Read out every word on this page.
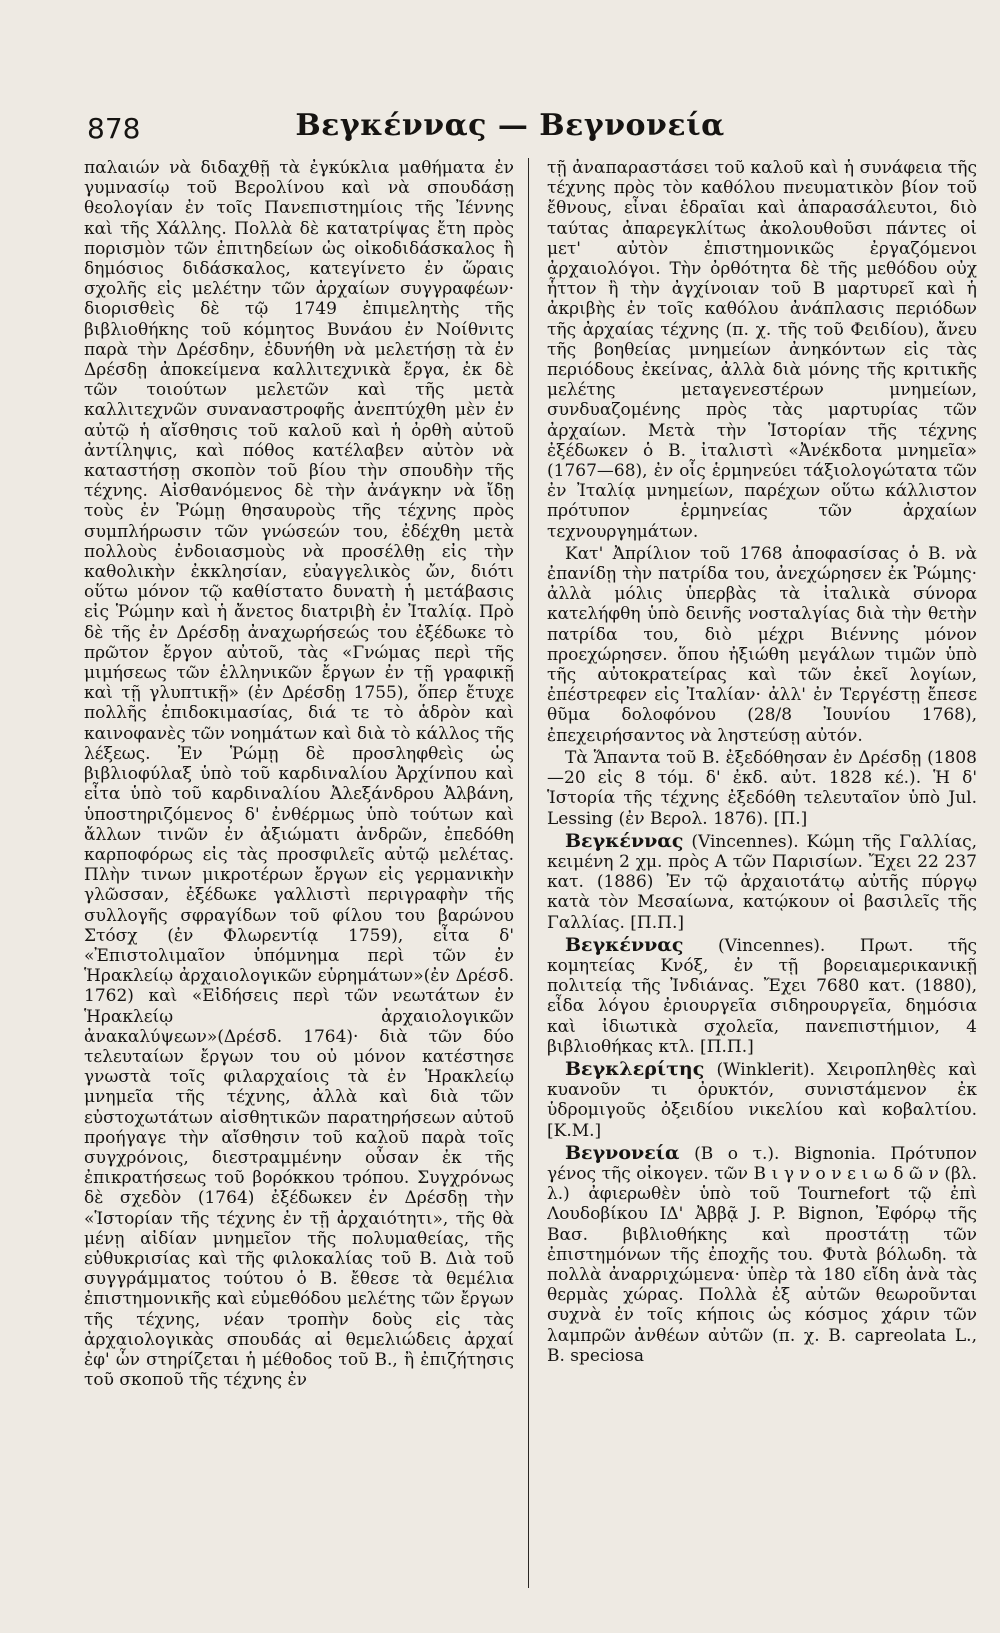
878	Βεγκέννας — Βεγνονεία

παλαιών νὰ διδαχθῇ τὰ ἐγκύκλια μαθήματα ἐν γυμνασίῳ τοῦ Βερολίνου καὶ νὰ σπουδάσῃ θεολογίαν ἐν τοῖς Πανεπιστημίοις τῆς Ἰέννης καὶ τῆς Χάλλης. Πολλὰ δὲ κατατρίψας ἔτη πρὸς πορισμὸν τῶν ἐπιτηδείων ὡς οἰκοδιδάσκαλος ἢ δημόσιος διδάσκαλος, κατεγίνετο ἐν ὥραις σχολῆς εἰς μελέτην τῶν ἀρχαίων συγγραφέων· διορισθεὶς δὲ τῷ 1749 ἐπιμελητὴς τῆς βιβλιοθήκης τοῦ κόμητος Βυνάου ἐν Νοίθνιτς παρὰ τὴν Δρέσδην, ἐδυνήθη νὰ μελετήσῃ τὰ ἐν Δρέσδῃ ἀποκείμενα καλλιτεχνικὰ ἔργα, ἐκ δὲ τῶν τοιούτων μελετῶν καὶ τῆς μετὰ καλλιτεχνῶν συναναστροφῆς ἀνεπτύχθη μὲν ἐν αὐτῷ ἡ αἴσθησις τοῦ καλοῦ καὶ ἡ ὀρθὴ αὐτοῦ ἀντίληψις, καὶ πόθος κατέλαβεν αὐτὸν νὰ καταστήσῃ σκοπὸν τοῦ βίου τὴν σπουδὴν τῆς τέχνης. Αἰσθανόμενος δὲ τὴν ἀνάγκην νὰ ἴδῃ τοὺς ἐν Ῥώμῃ θησαυροὺς τῆς τέχνης πρὸς συμπλήρωσιν τῶν γνώσεών του, ἐδέχθη μετὰ πολλοὺς ἐνδοιασμοὺς νὰ προσέλθῃ εἰς τὴν καθολικὴν ἐκκλησίαν, εὐαγγελικὸς ὤν, διότι οὕτω μόνον τῷ καθίστατο δυνατὴ ἡ μετάβασις εἰς Ῥώμην καὶ ἡ ἄνετος διατριβὴ ἐν Ἰταλίᾳ. Πρὸ δὲ τῆς ἐν Δρέσδῃ ἀναχωρήσεώς του ἐξέδωκε τὸ πρῶτον ἔργον αὐτοῦ, τὰς «Γνώμας περὶ τῆς μιμήσεως τῶν ἑλληνικῶν ἔργων ἐν τῇ γραφικῇ καὶ τῇ γλυπτικῇ» (ἐν Δρέσδῃ 1755), ὅπερ ἔτυχε πολλῆς ἐπιδοκιμασίας, διά τε τὸ ἁδρὸν καὶ καινοφανὲς τῶν νοημάτων καὶ διὰ τὸ κάλλος τῆς λέξεως. Ἐν Ῥώμῃ δὲ προσληφθεὶς ὡς βιβλιοφύλαξ ὑπὸ τοῦ καρδιναλίου Ἀρχίνπου καὶ εἶτα ὑπὸ τοῦ καρδιναλίου Ἀλεξάνδρου Ἀλβάνη, ὑποστηριζόμενος δ' ἐνθέρμως ὑπὸ τούτων καὶ ἄλλων τινῶν ἐν ἀξιώματι ἀνδρῶν, ἐπεδόθη καρποφόρως εἰς τὰς προσφιλεῖς αὐτῷ μελέτας. Πλὴν τινων μικροτέρων ἔργων εἰς γερμανικὴν γλῶσσαν, ἐξέδωκε γαλλιστὶ περιγραφὴν τῆς συλλογῆς σφραγίδων τοῦ φίλου του βαρώνου Στόσχ (ἐν Φλωρεντίᾳ 1759), εἶτα δ' «Ἐπιστολιμαῖον ὑπόμνημα περὶ τῶν ἐν Ἡρακλείῳ ἀρχαιολογικῶν εὑρημάτων»(ἐν Δρέσδ. 1762) καὶ «Εἰδήσεις περὶ τῶν νεωτάτων ἐν Ἡρακλείῳ ἀρχαιολογικῶν ἀνακαλύψεων»(Δρέσδ. 1764)· διὰ τῶν δύο τελευταίων ἔργων του οὐ μόνον κατέστησε γνωστὰ τοῖς φιλαρχαίοις τὰ ἐν Ἡρακλείῳ μνημεῖα τῆς τέχνης, ἀλλὰ καὶ διὰ τῶν εὐστοχωτάτων αἰσθητικῶν παρατηρήσεων αὐτοῦ προήγαγε τὴν αἴσθησιν τοῦ καλοῦ παρὰ τοῖς συγχρόνοις, διεστραμμένην οὖσαν ἐκ τῆς ἐπικρατήσεως τοῦ βορόκκου τρόπου. Συγχρόνως δὲ σχεδὸν (1764) ἐξέδωκεν ἐν Δρέσδῃ τὴν «Ἱστορίαν τῆς τέχνης ἐν τῇ ἀρχαιότητι», τῆς θὰ μένῃ αἰδίαν μνημεῖον τῆς πολυμαθείας, τῆς εὐθυκρισίας καὶ τῆς φιλοκαλίας τοῦ Β. Διὰ τοῦ συγγράμματος τούτου ὁ Β. ἔθεσε τὰ θεμέλια ἐπιστημονικῆς καὶ εὐμεθόδου μελέτης τῶν ἔργων τῆς τέχνης, νέαν τροπὴν δοὺς εἰς τὰς ἀρχαιολογικὰς σπουδάς αἱ θεμελιώδεις ἀρχαί ἐφ' ὧν στηρίζεται ἡ μέθοδος τοῦ Β., ἢ ἐπιζήτησις τοῦ σκοποῦ τῆς τέχνης ἐν

τῇ ἀναπαραστάσει τοῦ καλοῦ καὶ ἡ συνάφεια τῆς τέχνης πρὸς τὸν καθόλου πνευματικὸν βίον τοῦ ἔθνους, εἶναι ἑδραῖαι καὶ ἀπαρασάλευτοι, διὸ ταύτας ἀπαρεγκλίτως ἀκολουθοῦσι πάντες οἱ μετ' αὐτὸν ἐπιστημονικῶς ἐργαζόμενοι ἀρχαιολόγοι. Τὴν ὀρθότητα δὲ τῆς μεθόδου οὐχ ἧττον ἢ τὴν ἀγχίνοιαν τοῦ Β μαρτυρεῖ καὶ ἡ ἀκριβὴς ἐν τοῖς καθόλου ἀνάπλασις περιόδων τῆς ἀρχαίας τέχνης (π. χ. τῆς τοῦ Φειδίου), ἄνευ τῆς βοηθείας μνημείων ἀνηκόντων εἰς τὰς περιόδους ἐκείνας, ἀλλὰ διὰ μόνης τῆς κριτικῆς μελέτης μεταγενεστέρων μνημείων, συνδυαζομένης πρὸς τὰς μαρτυρίας τῶν ἀρχαίων. Μετὰ τὴν Ἱστορίαν τῆς τέχνης ἐξέδωκεν ὁ Β. ἰταλιστὶ «Ἀνέκδοτα μνημεῖα» (1767—68), ἐν οἷς ἑρμηνεύει τάξιολογώτατα τῶν ἐν Ἰταλίᾳ μνημείων, παρέχων οὕτω κάλλιστον πρότυπον ἑρμηνείας τῶν ἀρχαίων τεχνουργημάτων.

Κατ' Ἀπρίλιον τοῦ 1768 ἀποφασίσας ὁ Β. νὰ ἐπανίδῃ τὴν πατρίδα του, ἀνεχώρησεν ἐκ Ῥώμης· ἀλλὰ μόλις ὑπερβὰς τὰ ἰταλικὰ σύνορα κατελήφθη ὑπὸ δεινῆς νοσταλγίας διὰ τὴν θετὴν πατρίδα του, διὸ μέχρι Βιέννης μόνον προεχώρησεν. ὅπου ἠξιώθη μεγάλων τιμῶν ὑπὸ τῆς αὐτοκρατείρας καὶ τῶν ἐκεῖ λογίων, ἐπέστρεφεν εἰς Ἰταλίαν· ἀλλ' ἐν Τεργέστῃ ἔπεσε θῦμα δολοφόνου (28/8 Ἰουνίου 1768), ἐπεχειρήσαντος νὰ ληστεύσῃ αὐτόν.

Τὰ Ἅπαντα τοῦ Β. ἐξεδόθησαν ἐν Δρέσδῃ (1808—20 εἰς 8 τόμ. δ' ἐκδ. αὐτ. 1828 κέ.). Ἡ δ' Ἱστορία τῆς τέχνης ἐξεδόθη τελευταῖον ὑπὸ Jul. Lessing (ἐν Βερολ. 1876). [Π.]

Βεγκέννας (Vincennes). Κώμη τῆς Γαλλίας, κειμένη 2 χμ. πρὸς Α τῶν Παρισίων. Ἔχει 22 237 κατ. (1886) Ἐν τῷ ἀρχαιοτάτῳ αὐτῆς πύργῳ κατὰ τὸν Μεσαίωνα, κατῴκουν οἱ βασιλεῖς τῆς Γαλλίας. [Π.Π.]

Βεγκέννας (Vincennes). Πρωτ. τῆς κομητείας Κνόξ, ἐν τῇ βορειαμερικανικῇ πολιτείᾳ τῆς Ἰνδιάνας. Ἔχει 7680 κατ. (1880), εἶδα λόγου ἐριουργεῖα σιδηρουργεῖα, δημόσια καὶ ἰδιωτικὰ σχολεῖα, πανεπιστήμιον, 4 βιβλιοθήκας κτλ. [Π.Π.]

Βεγκλερίτης (Winklerit). Χειροπληθὲς καὶ κυανοῦν τι ὀρυκτόν, συνιστάμενον ἐκ ὑδρομιγοῦς ὀξειδίου νικελίου καὶ κοβαλτίου. [Κ.Μ.]

Βεγνονεία (Β ο τ.). Bignonia. Πρότυπον γένος τῆς οἰκογεν. τῶν Β ι γ ν ο ν ε ι ω δ ῶ ν (βλ. λ.) ἀφιερωθὲν ὑπὸ τοῦ Tournefort τῷ ἐπὶ Λουδοβίκου ΙΔ' Ἀββᾷ J. P. Bignon, Ἐφόρῳ τῆς Βασ. βιβλιοθήκης καὶ προστάτῃ τῶν ἐπιστημόνων τῆς ἐποχῆς του. Φυτὰ βόλωδη. τὰ πολλὰ ἀναρριχώμενα· ὑπὲρ τὰ 180 εἴδη ἀνὰ τὰς θερμὰς χώρας. Πολλὰ ἐξ αὐτῶν θεωροῦνται συχνὰ ἐν τοῖς κήποις ὡς κόσμος χάριν τῶν λαμπρῶν ἀνθέων αὐτῶν (π. χ. B. capreolata L., B. speciosa
